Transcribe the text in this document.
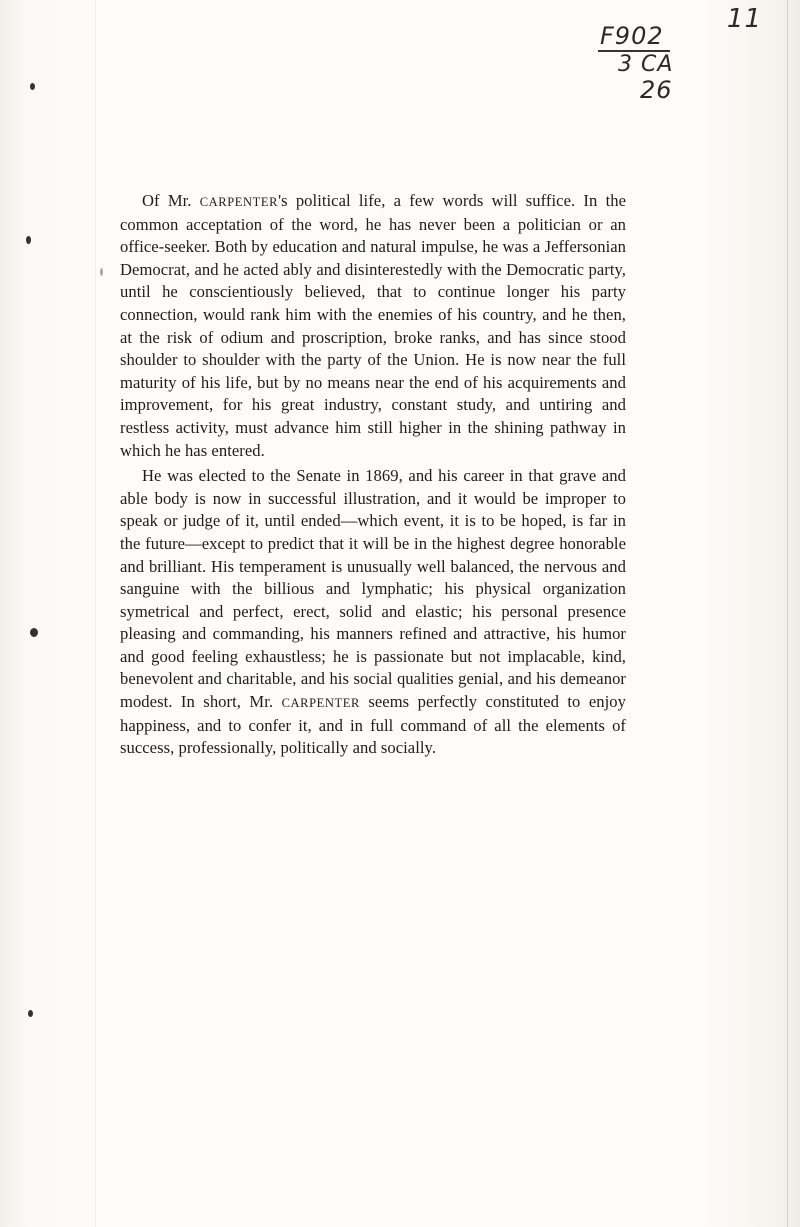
11
F902
3 CA
26

Of Mr. CARPENTER's political life, a few words will suffice. In the common acceptation of the word, he has never been a politician or an office-seeker. Both by education and natural impulse, he was a Jeffersonian Democrat, and he acted ably and disinterestedly with the Democratic party, until he conscientiously believed, that to continue longer his party connection, would rank him with the enemies of his country, and he then, at the risk of odium and proscription, broke ranks, and has since stood shoulder to shoulder with the party of the Union. He is now near the full maturity of his life, but by no means near the end of his acquirements and improvement, for his great industry, constant study, and untiring and restless activity, must advance him still higher in the shining pathway in which he has entered.

He was elected to the Senate in 1869, and his career in that grave and able body is now in successful illustration, and it would be improper to speak or judge of it, until ended—which event, it is to be hoped, is far in the future—except to predict that it will be in the highest degree honorable and brilliant. His temperament is unusually well balanced, the nervous and sanguine with the billious and lymphatic; his physical organization symetrical and perfect, erect, solid and elastic; his personal presence pleasing and commanding, his manners refined and attractive, his humor and good feeling exhaustless; he is passionate but not implacable, kind, benevolent and charitable, and his social qualities genial, and his demeanor modest. In short, Mr. CARPENTER seems perfectly constituted to enjoy happiness, and to confer it, and in full command of all the elements of success, professionally, politically and socially.
